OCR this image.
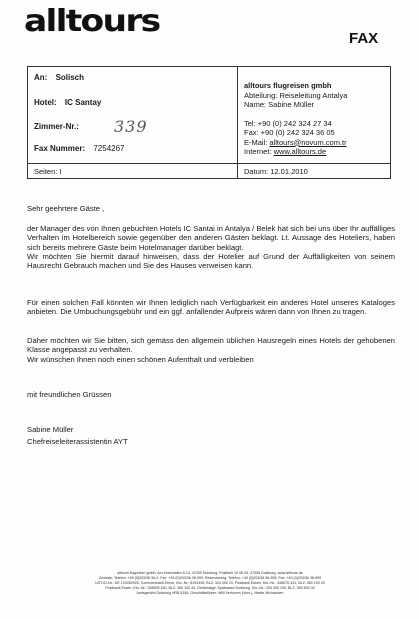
alltours	FAX
An: Solisch
Hotel: IC Santay
Zimmer-Nr.: 339
Fax Nummer: 7254267
alltours flugreisen gmbh
Abteilung: Reiseleitung Antalya
Name: Sabine Müller
Tel: +90 (0) 242 324 27 34
Fax: +90 (0) 242 324 36 05
E-Mail: alltours@novum.com.tr
Internet: www.alltours.de
Seiten: I	Datum: 12.01.2010
Sehr geehrtere Gäste ,

der Manager des von Ihnen gebuchten Hotels IC Santai in Antalya / Belek hat sich bei uns über Ihr auffälliges Verhalten im Hotelbereich sowie gegenüber den anderen Gästen beklagt. Lt. Aussage des Hoteliers, haben sich bereits mehrere Gäste beim Hotelmanager darüber beklagt.

Wir möchten Sie hiermit darauf hinweisen, dass der Hotelier auf Grund der Auffälligkeiten von seinem Hausrecht Gebrauch machen und Sie des Hauses verweisen kann.

Für einen solchen Fall könnten wir Ihnen lediglich nach Verfügbarkeit ein anderes Hotel unseres Kataloges anbieten. Die Umbuchungsgebühr und ein ggf. anfallender Aufpreis wären dann von Ihnen zu tragen.

Daher möchten wir Sie bitten, sich gemäss den allgemein üblichen Hausregeln eines Hotels der gehobenen Klasse angepasst zu verhalten.

Wir wünschen Ihnen noch einen schönen Aufenthalt und verbleiben

mit freundlichen Grüssen
Sabine Müller
Chefreiseleiterassistentin AYT
alltours flugreisen gmbh, Am Innenhafen 8-10, 47059 Duisburg, Postfach 10 06 05, 47006 Duisburg, www.alltours.de
Zentrale: Telefon: +49 (0)203/36 36-0, Fax: +49 (0)203/36 36-999, Reservierung: Telefon: +49 (0)203/36 36-555, Fax: +49 (0)203/36 36-999
UST-ID-Nr.: DE 120052926, Commerzbank Kleve, Kto.-Nr.: 8194435, BLZ: 324 400 23, Postbank Essen, Kto.-Nr.: 348070-431, BLZ: 360 100 43
Postbank Essen, Kto.-Nr.: 348505 430, BLZ: 360 100 43, Geldanlage: Sparkasse Duisburg, Kto.-Nr.: 200 300 100, BLZ: 350 500 00
Amtsgericht Duisburg HRB 5184, Geschäftsführer: Willi Verhuven (Vors.), Martin Michaelsen
